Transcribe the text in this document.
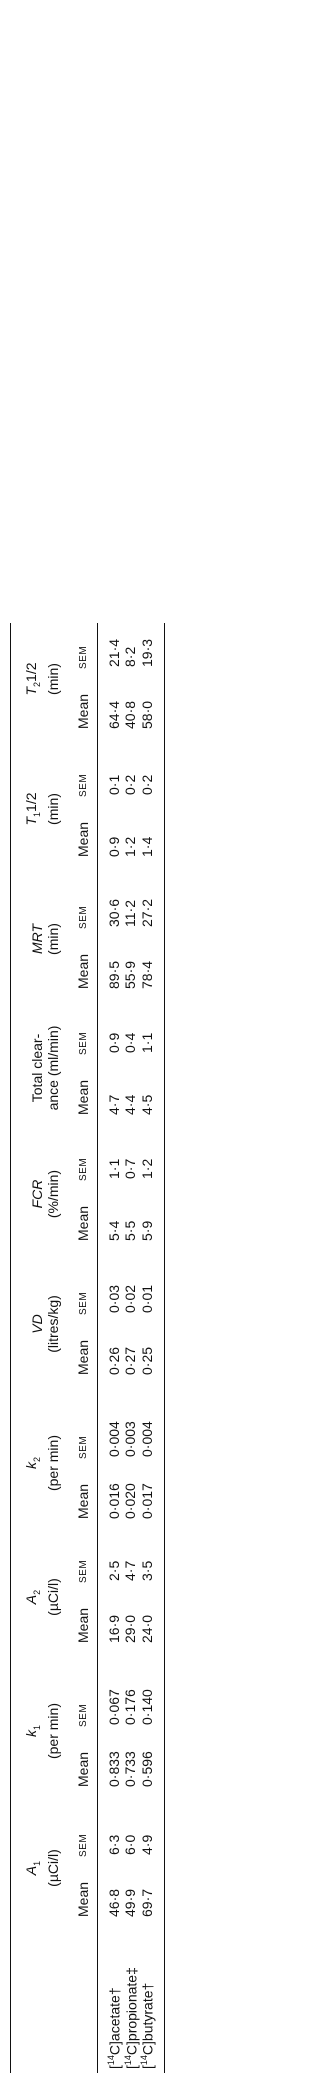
	$A_1$ (µCi/l)			$k_1$ (per min)			$A_2$ (µCi/l)			$k_2$ (per min)			VD (litres/kg)			FCR (%/min)			Total clear- ance (ml/min)			MRT (min)			$T_11/2$ (min)			$T_21/2$ (min)	

	Mean	SEM		Mean	SEM		Mean	SEM		Mean	SEM		Mean	SEM		Mean	SEM		Mean	SEM		Mean	SEM		Mean	SEM		Mean	SEM
[$^{14}$C]acetate†	46·8	6·3		0·833	0·067		16·9	2·5		0·016	0·004		0·26	0·03		5·4	1·1		4·7	0·9		89·5	30·6		0·9	0·1		64·4	21·4
[$^{14}$C]propionate‡	49·9	6·0		0·733	0·176		29·0	4·7		0·020	0·003		0·27	0·02		5·5	0·7		4·4	0·4		55·9	11·2		1·2	0·2		40·8	8·2
[$^{14}$C]butyrate†	69·7	4·9		0·596	0·140		24·0	3·5		0·017	0·004		0·25	0·01		5·9	1·2		4·5	1·1		78·4	27·2		1·4	0·2		58·0	19·3
